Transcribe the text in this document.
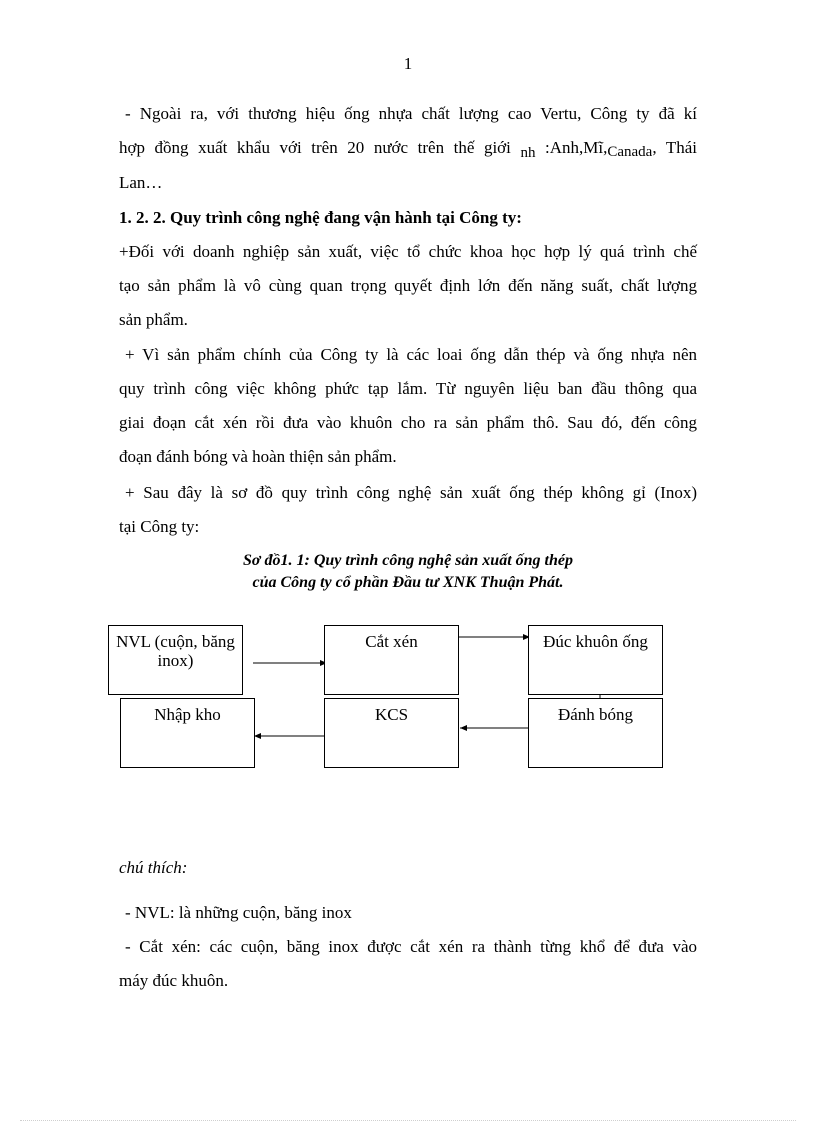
1
- Ngoài ra, với thương hiệu ống nhựa chất lượng cao Vertu, Công ty đã kí
hợp đồng xuất khẩu với trên 20 nước trên thế giới nh :Anh,Mĩ,Canada, Thái
Lan…
1. 2. 2. Quy trình công nghệ đang vận hành tại Công ty:
+Đối với doanh nghiệp sản xuất, việc tổ chức khoa học hợp lý quá trình chế
tạo sản phẩm là vô cùng quan trọng quyết định lớn đến năng suất, chất lượng
sản phẩm.
+ Vì sản phẩm chính của Công ty là các loai ống dẫn thép và ống nhựa nên
quy trình công việc không phức tạp lắm. Từ nguyên liệu ban đầu thông qua
giai đoạn cắt xén rồi đưa vào khuôn cho ra sản phẩm thô. Sau đó, đến công
đoạn đánh bóng và hoàn thiện sản phẩm.
+ Sau đây là sơ đồ quy trình công nghệ sản xuất ống thép không gỉ (Inox)
tại Công ty:
Sơ đồ1. 1: Quy trình công nghệ sản xuất ống thép
của Công ty cổ phần Đầu tư XNK Thuận Phát.
NVL (cuộn, băng inox)
Cắt xén	Đúc khuôn ống
Nhập kho	KCS	Đánh bóng
chú thích:
- NVL: là những cuộn, băng inox
- Cắt xén: các cuộn, băng inox được cắt xén ra thành từng khổ để đưa vào
máy đúc khuôn.
